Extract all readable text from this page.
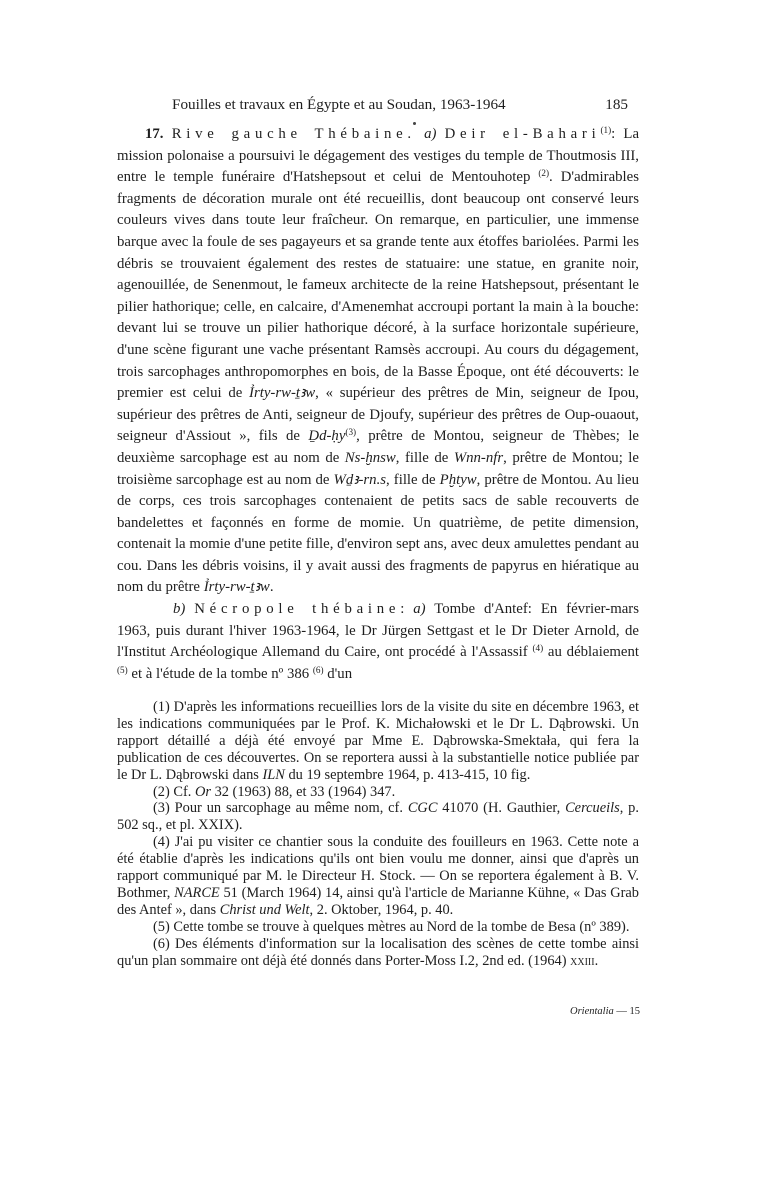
Fouilles et travaux en Égypte et au Soudan, 1963-1964	185

17. Rive gauche Thébaine. a) Deir el-Bahari$^{(1)}$: La mission polonaise a poursuivi le dégagement des vestiges du temple de Thoutmosis III, entre le temple funéraire d'Hatshepsout et celui de Mentouhotep $^{(2)}$. D'admirables fragments de décoration murale ont été recueillis, dont beaucoup ont conservé leurs couleurs vives dans toute leur fraîcheur. On remarque, en particulier, une immense barque avec la foule de ses pagayeurs et sa grande tente aux étoffes bariolées. Parmi les débris se trouvaient également des restes de statuaire: une statue, en granite noir, agenouillée, de Senenmout, le fameux architecte de la reine Hatshepsout, présentant le pilier hathorique; celle, en calcaire, d'Amenemhat accroupi portant la main à la bouche: devant lui se trouve un pilier hathorique décoré, à la surface horizontale supérieure, d'une scène figurant une vache présentant Ramsès accroupi. Au cours du dégagement, trois sarcophages anthropomorphes en bois, de la Basse Époque, ont été découverts: le premier est celui de Ỉrty-rw-ṯꜣw, « supérieur des prêtres de Min, seigneur de Ipou, supérieur des prêtres de Anti, seigneur de Djoufy, supérieur des prêtres de Oup-ouaout, seigneur d'Assiout », fils de Ḏd-ḥy$^{(3)}$, prêtre de Montou, seigneur de Thèbes; le deuxième sarcophage est au nom de Ns-ḫnsw, fille de Wnn-nfr, prêtre de Montou; le troisième sarcophage est au nom de Wḏꜣ-rn.s, fille de Pḫtyw, prêtre de Montou. Au lieu de corps, ces trois sarcophages contenaient de petits sacs de sable recouverts de bandelettes et façonnés en forme de momie. Un quatrième, de petite dimension, contenait la momie d'une petite fille, d'environ sept ans, avec deux amulettes pendant au cou. Dans les débris voisins, il y avait aussi des fragments de papyrus en hiératique au nom du prêtre Ỉrty-rw-ṯꜣw.

b) Nécropole thébaine: a) Tombe d'Antef: En février-mars 1963, puis durant l'hiver 1963-1964, le Dr Jürgen Settgast et le Dr Dieter Arnold, de l'Institut Archéologique Allemand du Caire, ont procédé à l'Assassif $^{(4)}$ au déblaiement $^{(5)}$ et à l'étude de la tombe nº 386 $^{(6)}$ d'un

(1) D'après les informations recueillies lors de la visite du site en décembre 1963, et les indications communiquées par le Prof. K. Michałowski et le Dr L. Dąbrowski. Un rapport détaillé a déjà été envoyé par Mme E. Dąbrowska-Smektała, qui fera la publication de ces découvertes. On se reportera aussi à la substantielle notice publiée par le Dr L. Dąbrowski dans ILN du 19 septembre 1964, p. 413-415, 10 fig.

(2) Cf. Or 32 (1963) 88, et 33 (1964) 347.

(3) Pour un sarcophage au même nom, cf. CGC 41070 (H. Gauthier, Cercueils, p. 502 sq., et pl. XXIX).

(4) J'ai pu visiter ce chantier sous la conduite des fouilleurs en 1963. Cette note a été établie d'après les indications qu'ils ont bien voulu me donner, ainsi que d'après un rapport communiqué par M. le Directeur H. Stock. — On se reportera également à B. V. Bothmer, NARCE 51 (March 1964) 14, ainsi qu'à l'article de Marianne Kühne, « Das Grab des Antef », dans Christ und Welt, 2. Oktober, 1964, p. 40.

(5) Cette tombe se trouve à quelques mètres au Nord de la tombe de Besa (nº 389).

(6) Des éléments d'information sur la localisation des scènes de cette tombe ainsi qu'un plan sommaire ont déjà été donnés dans Porter-Moss I.2, 2nd ed. (1964) xxiii.

Orientalia — 15
